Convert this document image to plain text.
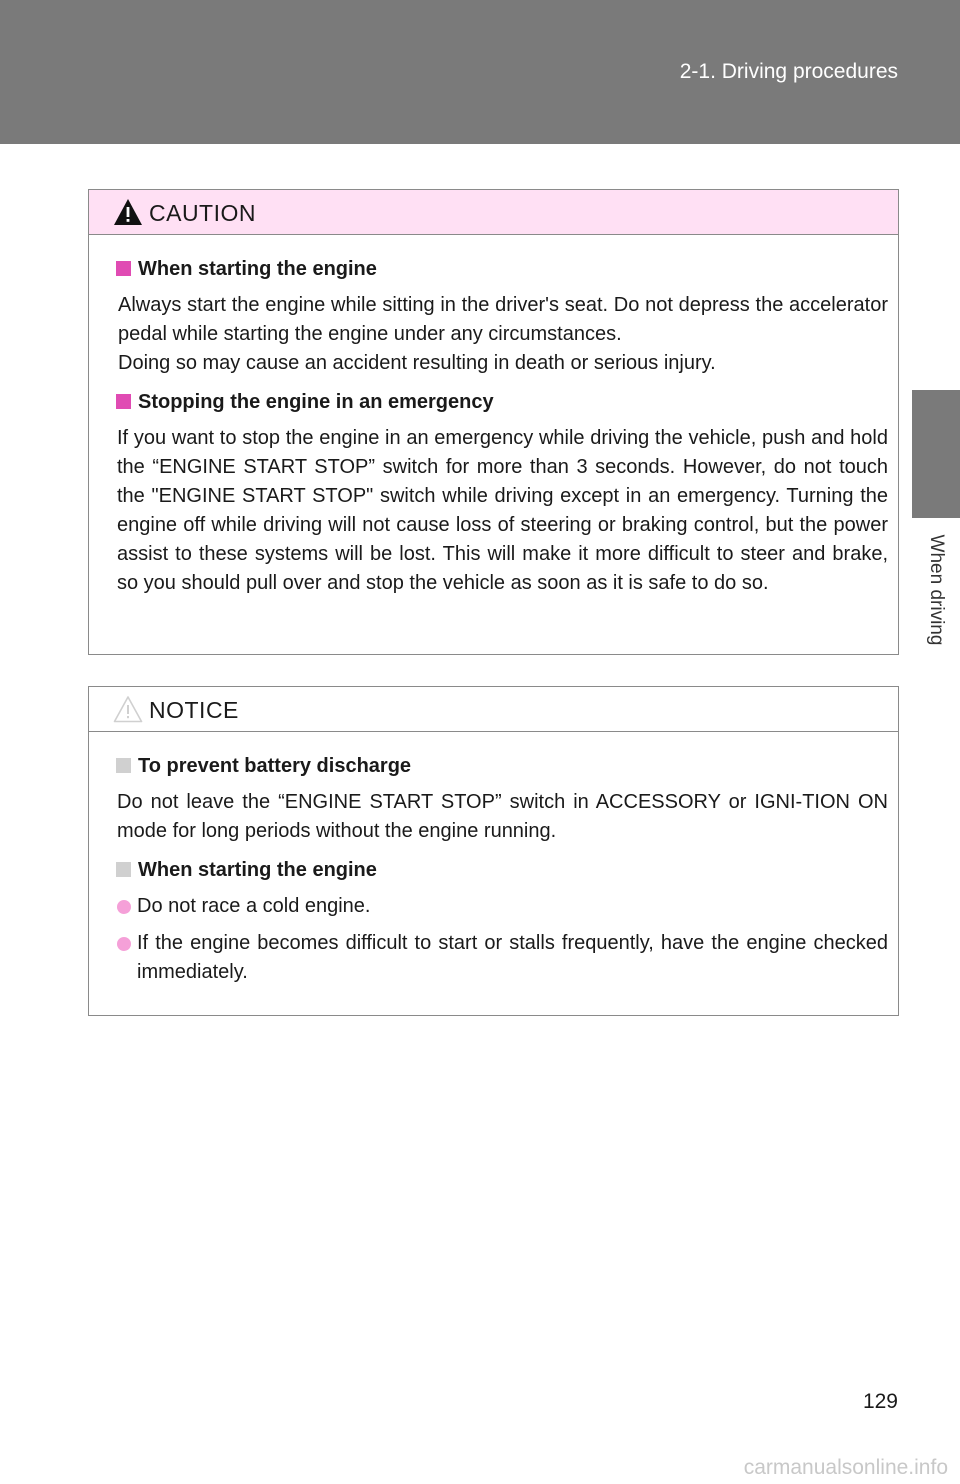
2-1. Driving procedures
2
When driving
CAUTION
When starting the engine

Always start the engine while sitting in the driver's seat. Do not depress the accelerator pedal while starting the engine under any circumstances.
Doing so may cause an accident resulting in death or serious injury.

Stopping the engine in an emergency

If you want to stop the engine in an emergency while driving the vehicle, push and hold the “ENGINE START STOP” switch for more than 3 seconds. However, do not touch the "ENGINE START STOP" switch while driving except in an emergency. Turning the engine off while driving will not cause loss of steering or braking control, but the power assist to these systems will be lost. This will make it more difficult to steer and brake, so you should pull over and stop the vehicle as soon as it is safe to do so.

NOTICE
To prevent battery discharge

Do not leave the “ENGINE START STOP” switch in ACCESSORY or IGNI-TION ON mode for long periods without the engine running.

When starting the engine
Do not race a cold engine.
If the engine becomes difficult to start or stalls frequently, have the engine checked immediately.
129
carmanualsonline.info
